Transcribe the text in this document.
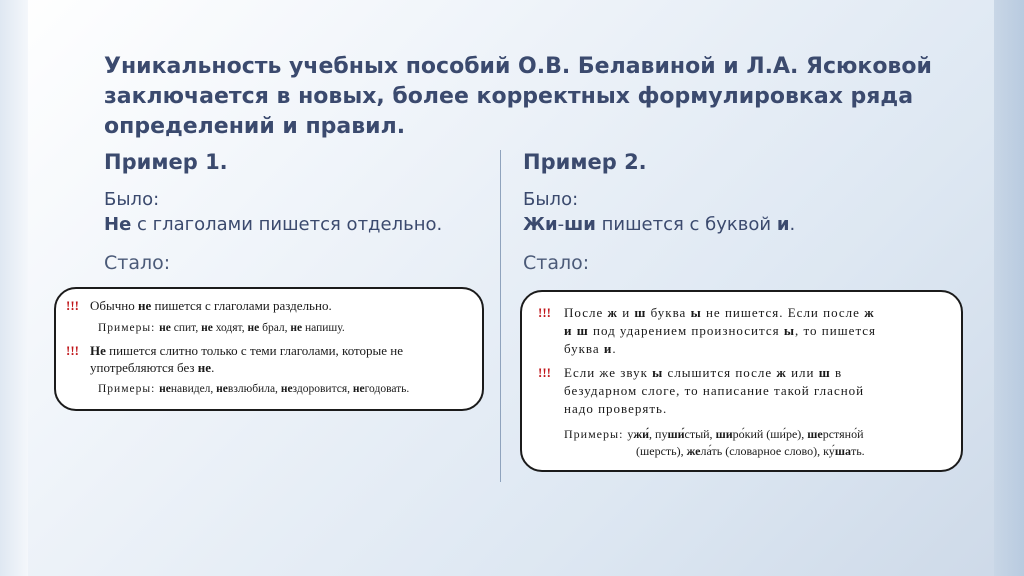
Уникальность учебных пособий О.В. Белавиной и Л.А. Ясюковой
заключается в новых, более корректных формулировках ряда
определений и правил.
Пример 1.
Было:
Не с глаголами пишется отдельно.
Стало:
!!! Обычно не пишется с глаголами раздельно.
Примеры: не спит, не ходят, не брал, не напишу.
!!! Не пишется слитно только с теми глаголами, которые не
употребляются без не.
Примеры: ненавидел, невзлюбила, нездоровится, негодовать.
Пример 2.
Было:
Жи-ши пишется с буквой и.
Стало:
!!! После ж и ш буква ы не пишется. Если после ж
и ш под ударением произносится ы, то пишется
буква и.
!!! Если же звук ы слышится после ж или ш в
безударном слоге, то написание такой гласной
надо проверять.
Примеры: ужи́, пуши́стый, широ́кий (ши́ре), шерстяно́й
(шерсть), жела́ть (словарное слово), ку́шать.
